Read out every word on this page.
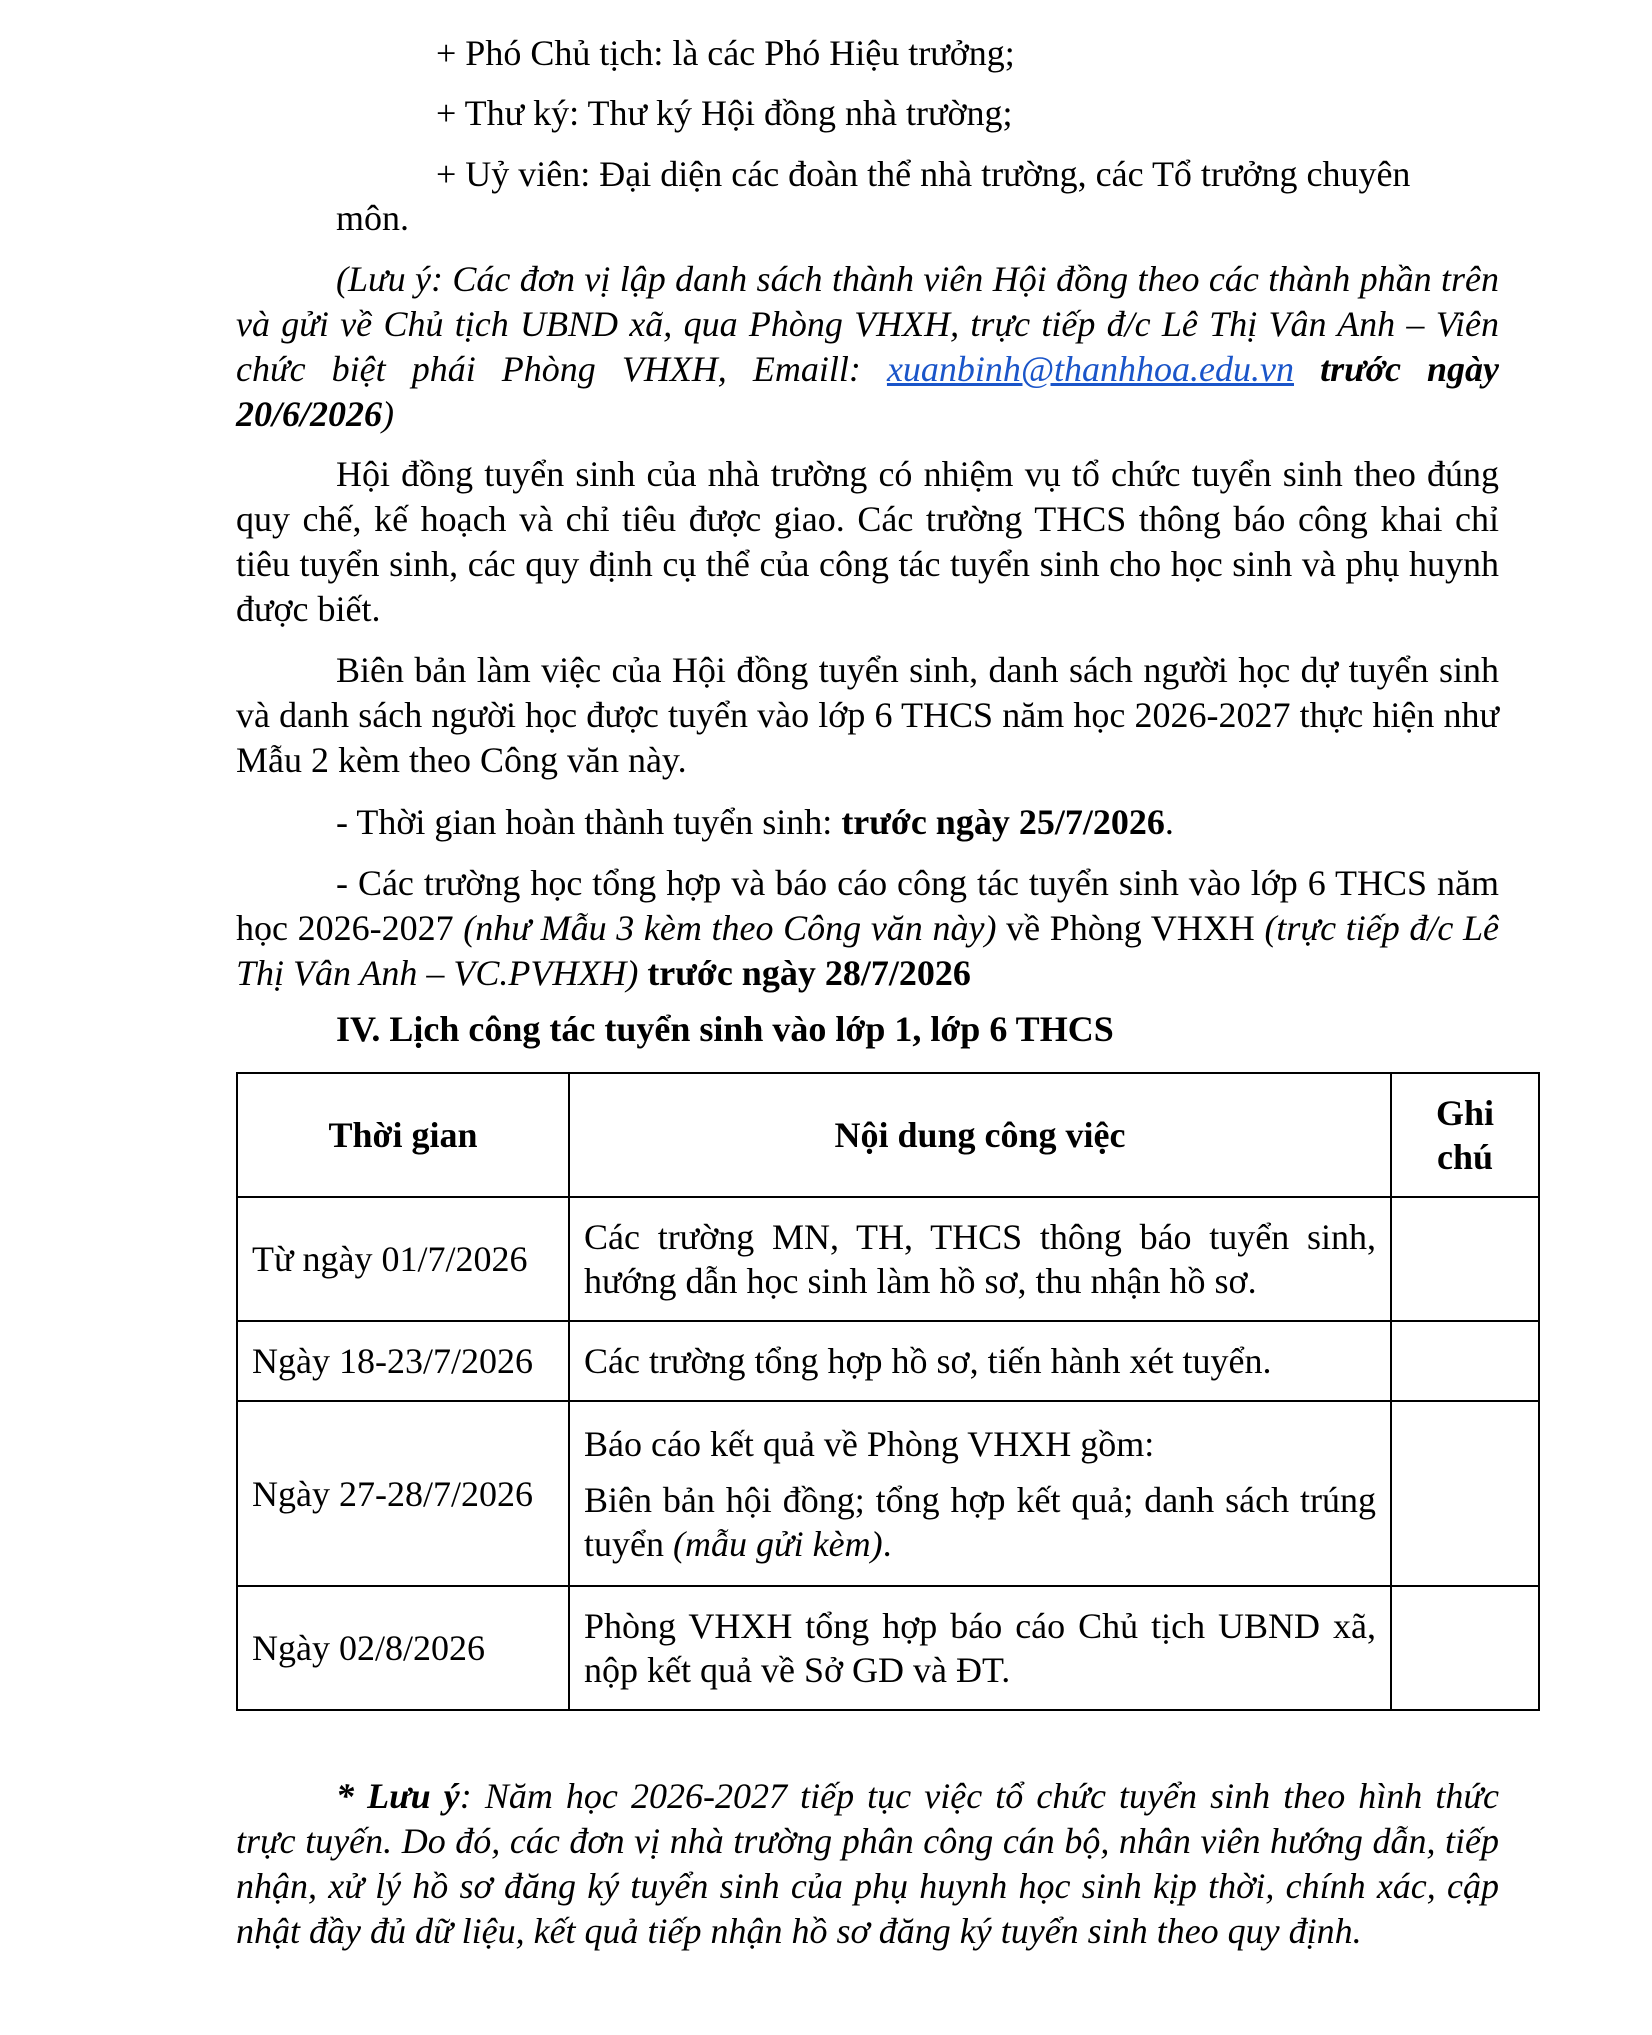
+ Phó Chủ tịch: là các Phó Hiệu trưởng;

+ Thư ký: Thư ký Hội đồng nhà trường;

+ Uỷ viên: Đại diện các đoàn thể nhà trường, các Tổ trưởng chuyên

môn.

(Lưu ý: Các đơn vị lập danh sách thành viên Hội đồng theo các thành phần trên và gửi về Chủ tịch UBND xã, qua Phòng VHXH, trực tiếp đ/c Lê Thị Vân Anh – Viên chức biệt phái Phòng VHXH, Emaill: xuanbinh@thanhhoa.edu.vn trước ngày 20/6/2026)

Hội đồng tuyển sinh của nhà trường có nhiệm vụ tổ chức tuyển sinh theo đúng quy chế, kế hoạch và chỉ tiêu được giao. Các trường THCS thông báo công khai chỉ tiêu tuyển sinh, các quy định cụ thể của công tác tuyển sinh cho học sinh và phụ huynh được biết.

Biên bản làm việc của Hội đồng tuyển sinh, danh sách người học dự tuyển sinh và danh sách người học được tuyển vào lớp 6 THCS năm học 2026-2027 thực hiện như Mẫu 2 kèm theo Công văn này.

- Thời gian hoàn thành tuyển sinh: trước ngày 25/7/2026.

- Các trường học tổng hợp và báo cáo công tác tuyển sinh vào lớp 6 THCS năm học 2026-2027 (như Mẫu 3 kèm theo Công văn này) về Phòng VHXH (trực tiếp đ/c Lê Thị Vân Anh – VC.PVHXH) trước ngày 28/7/2026

IV. Lịch công tác tuyển sinh vào lớp 1, lớp 6 THCS

Thời gian	Nội dung công việc	Ghi
chú

Từ ngày 01/7/2026	Các trường MN, TH, THCS thông báo tuyển sinh, hướng dẫn học sinh làm hồ sơ, thu nhận hồ sơ.	
Ngày 18-23/7/2026	Các trường tổng hợp hồ sơ, tiến hành xét tuyển.	
Ngày 27-28/7/2026	Báo cáo kết quả về Phòng VHXH gồm:

Biên bản hội đồng; tổng hợp kết quả; danh sách trúng tuyển (mẫu gửi kèm).	

Ngày 02/8/2026	Phòng VHXH tổng hợp báo cáo Chủ tịch UBND xã, nộp kết quả về Sở GD và ĐT.	

* Lưu ý: Năm học 2026-2027 tiếp tục việc tổ chức tuyển sinh theo hình thức trực tuyến. Do đó, các đơn vị nhà trường phân công cán bộ, nhân viên hướng dẫn, tiếp nhận, xử lý hồ sơ đăng ký tuyển sinh của phụ huynh học sinh kịp thời, chính xác, cập nhật đầy đủ dữ liệu, kết quả tiếp nhận hồ sơ đăng ký tuyển sinh theo quy định.
